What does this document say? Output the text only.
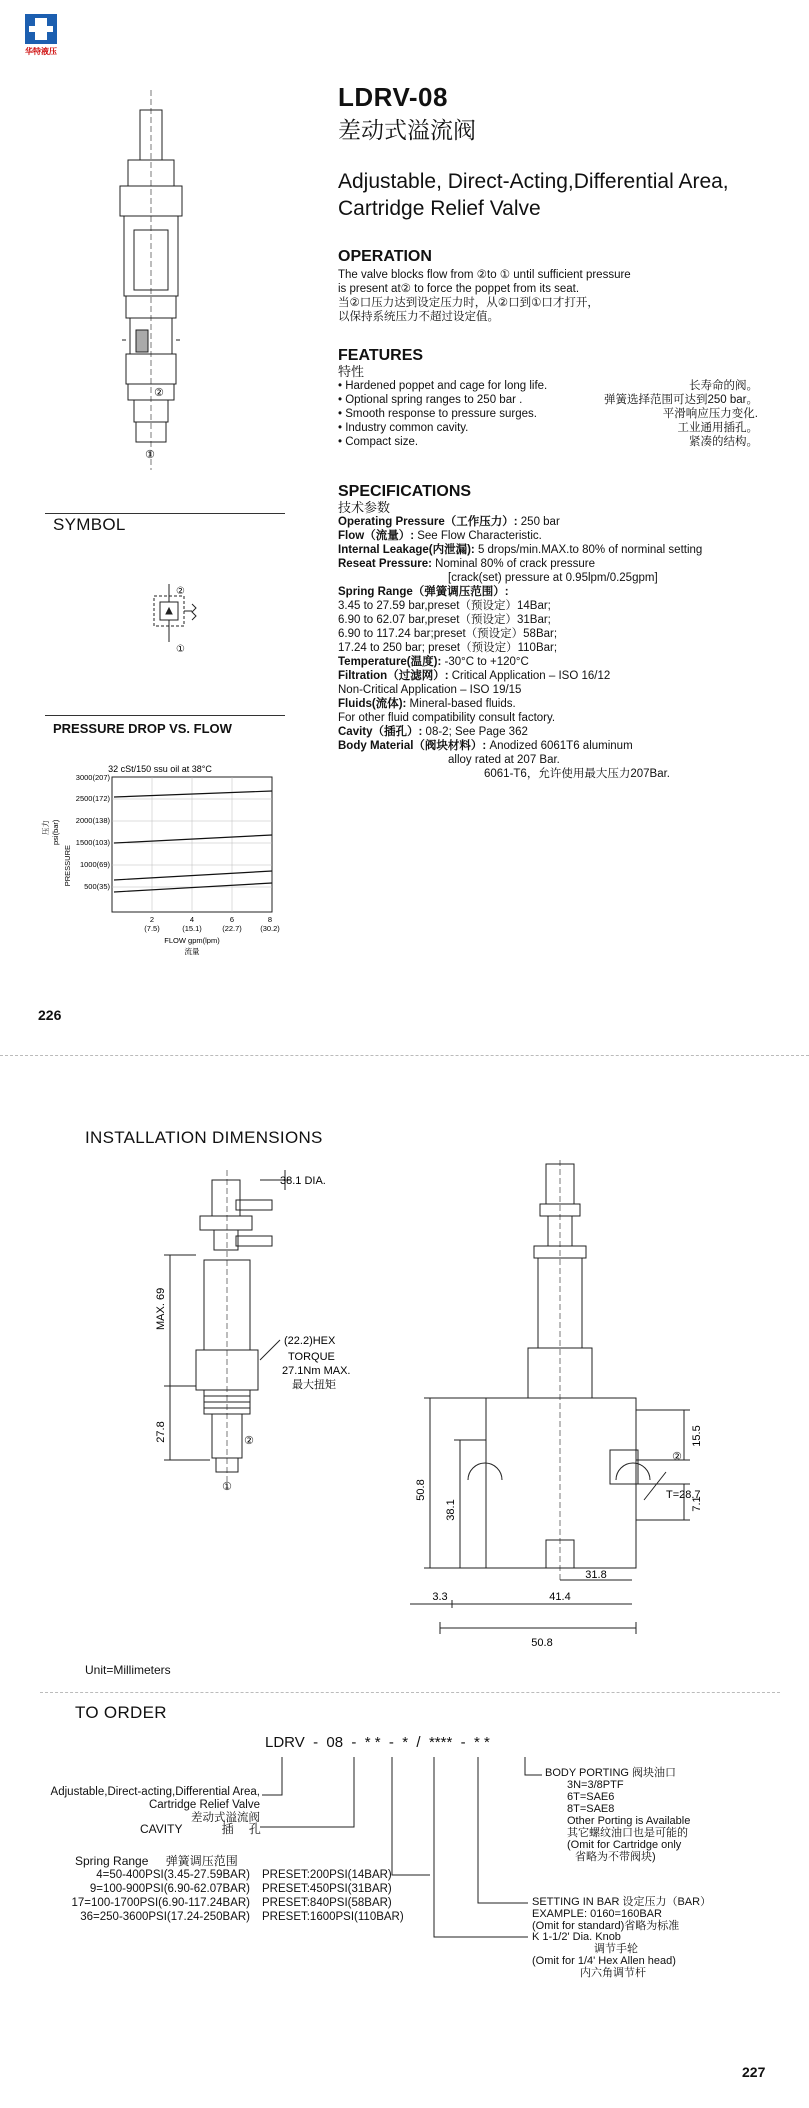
华特液压
②
①
LDRV-08
差动式溢流阀
Adjustable, Direct-Acting,Differential Area,
Cartridge Relief Valve
OPERATION
The valve blocks flow from ②to ① until sufficient pressure
is present at② to force the poppet from its seat.
当②口压力达到设定压力时，从②口到①口才打开，
以保持系统压力不超过设定值。
FEATURES
特性
• Hardened poppet and cage for long life.	长寿命的阀。
• Optional spring ranges to 250 bar .	弹簧选择范围可达到250 bar。
• Smooth response to pressure surges.	平滑响应压力变化.
• Industry common cavity.	工业通用插孔。
• Compact size.	紧凑的结构。
SPECIFICATIONS
技术参数
Operating Pressure（工作压力）: 250 bar
Flow（流量）: See Flow Characteristic.
Internal Leakage(内泄漏): 5 drops/min.MAX.to 80% of norminal setting
Reseat Pressure: Nominal 80% of crack pressure
[crack(set) pressure at 0.95lpm/0.25gpm]
Spring Range（弹簧调压范围）:
3.45 to 27.59 bar,preset（预设定）14Bar;
6.90 to 62.07 bar,preset（预设定）31Bar;
6.90 to 117.24 bar;preset（预设定）58Bar;
17.24 to 250 bar; preset（预设定）110Bar;
Temperature(温度): -30°C to +120°C
Filtration（过滤网）: Critical Application – ISO 16/12
Non-Critical Application – ISO 19/15
Fluids(流体): Mineral-based fluids.
For other fluid compatibility consult factory.
Cavity（插孔）: 08-2; See Page 362
Body Material（阀块材料）: Anodized 6061T6 aluminum
alloy rated at 207 Bar.
6061-T6，允许使用最大压力207Bar.
SYMBOL
②
①
PRESSURE DROP VS. FLOW
32 cSt/150 ssu oil at 38°C
3000(207)
2500(172)
2000(138)
1500(103)
1000(69)
500(35)
psi(bar)
PRESSURE
压力
2
(7.5)
4
(15.1)
6
(22.7)
8
(30.2)
FLOW gpm(lpm)
流量
226
INSTALLATION DIMENSIONS
38.1 DIA.
MAX. 69
27.8
(22.2)HEX
TORQUE
27.1Nm MAX.
最大扭矩
②
①	50.8
38.1
15.5
T=28.7
7.1
31.8
3.3	41.4
50.8
②
Unit=Millimeters
TO ORDER
LDRV  -  08  -  * *  -  *  /  ****  -  * *
Adjustable,Direct-acting,Differential Area,
Cartridge Relief Valve
差动式溢流阀
CAVITY	插 孔
Spring Range 弹簧调压范围
4=50-400PSI(3.45-27.59BAR)	PRESET:200PSI(14BAR)
9=100-900PSI(6.90-62.07BAR)	PRESET:450PSI(31BAR)
17=100-1700PSI(6.90-117.24BAR)	PRESET:840PSI(58BAR)
36=250-3600PSI(17.24-250BAR)	PRESET:1600PSI(110BAR)
BODY PORTING 阀块油口
3N=3/8PTF
6T=SAE6
8T=SAE8
Other Porting is Available
其它螺纹油口也是可能的
(Omit for Cartridge only
省略为不带阀块)
SETTING IN BAR 设定压力（BAR）
EXAMPLE: 0160=160BAR
(Omit for standard)省略为标准
K 1-1/2' Dia. Knob
调节手轮
(Omit for 1/4' Hex Allen head)
内六角调节杆
227
